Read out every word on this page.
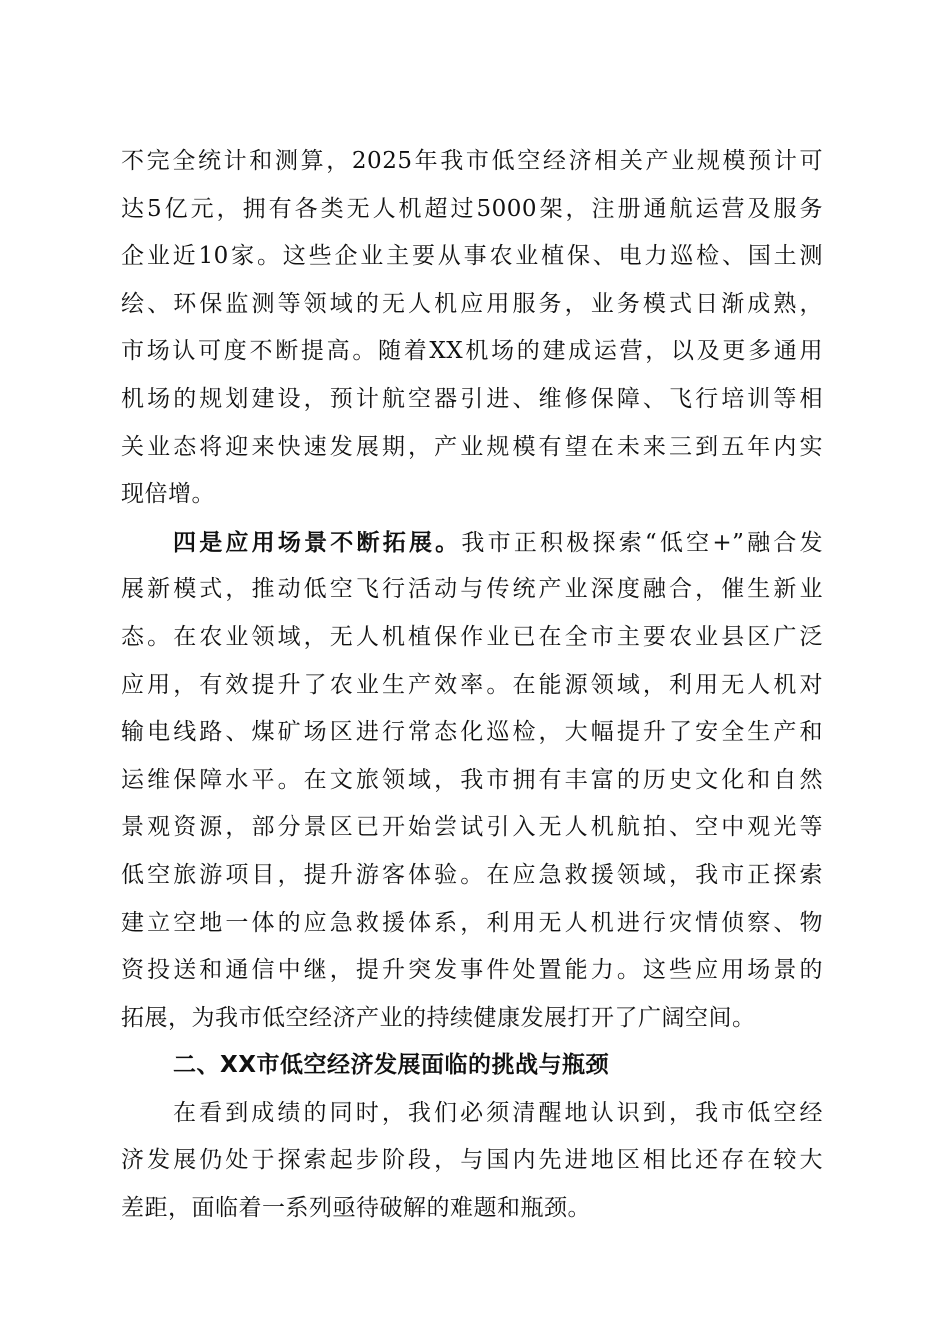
不完全统计和测算，2025年我市低空经济相关产业规模预计可
达5亿元，拥有各类无人机超过5000架，注册通航运营及服务
企业近10家。这些企业主要从事农业植保、电力巡检、国土测
绘、环保监测等领域的无人机应用服务，业务模式日渐成熟，
市场认可度不断提高。随着XX机场的建成运营，以及更多通用
机场的规划建设，预计航空器引进、维修保障、飞行培训等相
关业态将迎来快速发展期，产业规模有望在未来三到五年内实
现倍增。
四是应用场景不断拓展。我市正积极探索“低空+”融合发
展新模式，推动低空飞行活动与传统产业深度融合，催生新业
态。在农业领域，无人机植保作业已在全市主要农业县区广泛
应用，有效提升了农业生产效率。在能源领域，利用无人机对
输电线路、煤矿场区进行常态化巡检，大幅提升了安全生产和
运维保障水平。在文旅领域，我市拥有丰富的历史文化和自然
景观资源，部分景区已开始尝试引入无人机航拍、空中观光等
低空旅游项目，提升游客体验。在应急救援领域，我市正探索
建立空地一体的应急救援体系，利用无人机进行灾情侦察、物
资投送和通信中继，提升突发事件处置能力。这些应用场景的
拓展，为我市低空经济产业的持续健康发展打开了广阔空间。
二、XX市低空经济发展面临的挑战与瓶颈
在看到成绩的同时，我们必须清醒地认识到，我市低空经
济发展仍处于探索起步阶段，与国内先进地区相比还存在较大
差距，面临着一系列亟待破解的难题和瓶颈。
